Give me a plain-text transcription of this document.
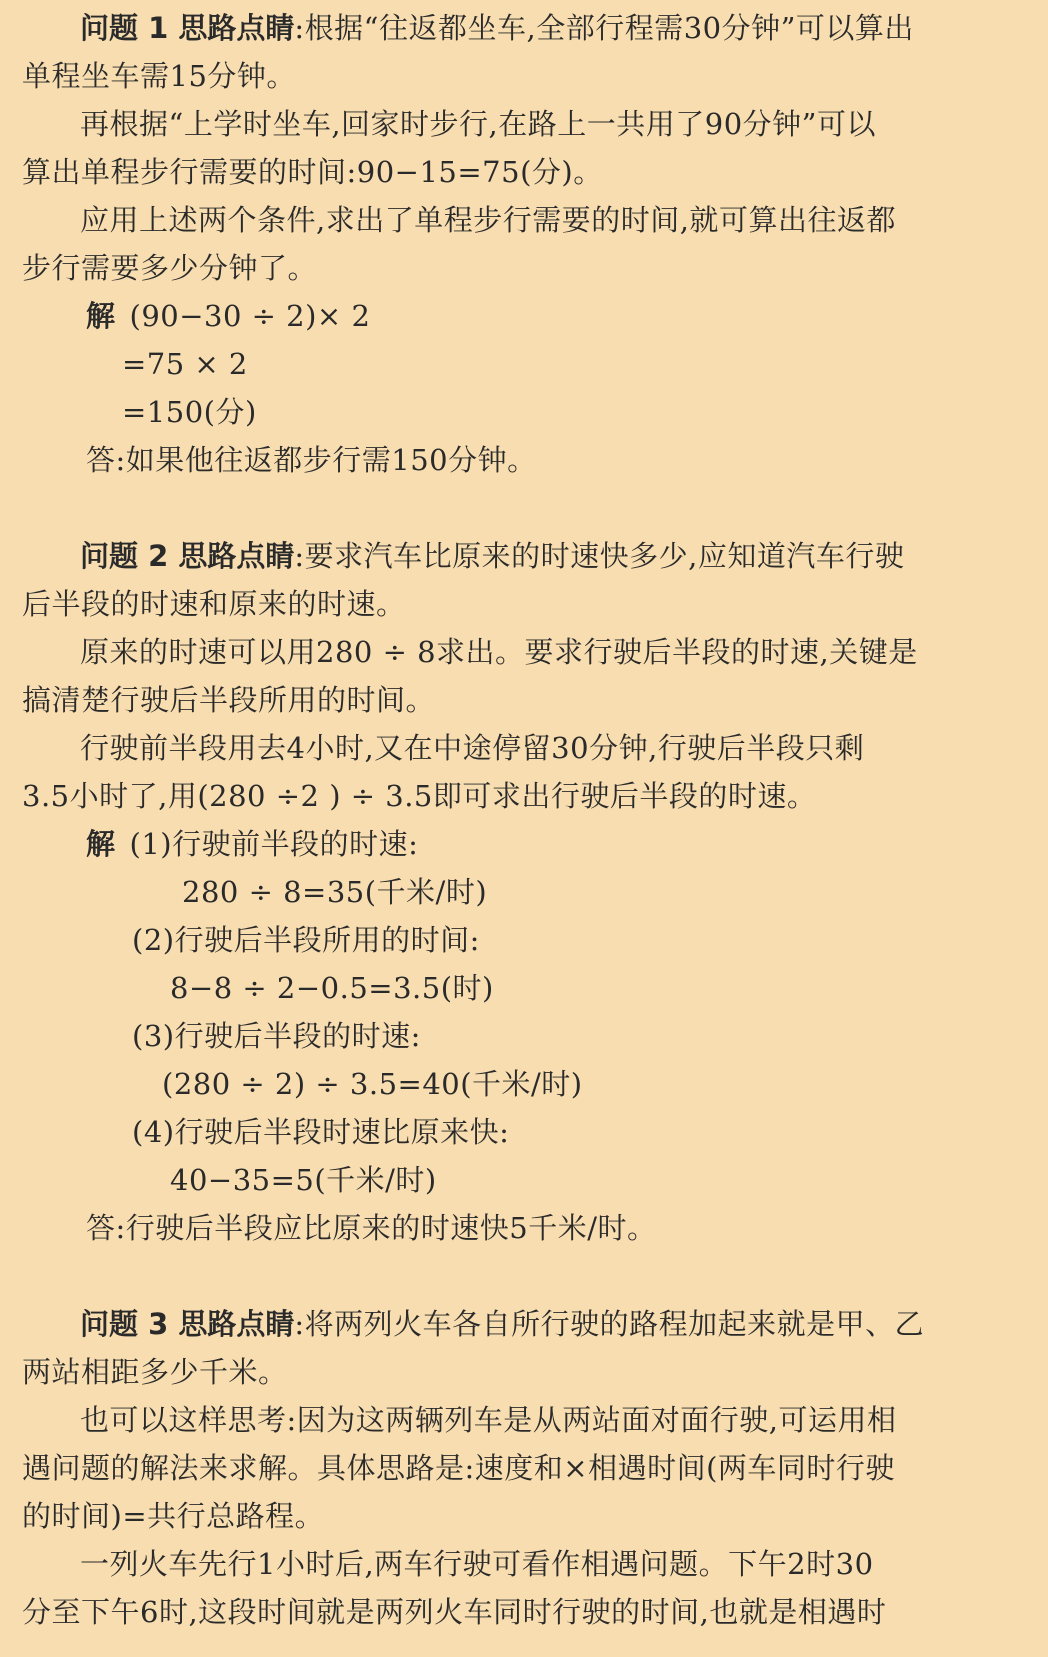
问题 1 思路点睛:根据“往返都坐车,全部行程需30分钟”可以算出
单程坐车需15分钟。
再根据“上学时坐车,回家时步行,在路上一共用了90分钟”可以
算出单程步行需要的时间:90−15=75(分)。
应用上述两个条件,求出了单程步行需要的时间,就可算出往返都
步行需要多少分钟了。
解 (90−30 ÷ 2)× 2
=75 × 2
=150(分)
答:如果他往返都步行需150分钟。
问题 2 思路点睛:要求汽车比原来的时速快多少,应知道汽车行驶
后半段的时速和原来的时速。
原来的时速可以用280 ÷ 8求出。要求行驶后半段的时速,关键是
搞清楚行驶后半段所用的时间。
行驶前半段用去4小时,又在中途停留30分钟,行驶后半段只剩
3.5小时了,用(280 ÷2 ) ÷ 3.5即可求出行驶后半段的时速。
解 (1)行驶前半段的时速:
280 ÷ 8=35(千米/时)
(2)行驶后半段所用的时间:
8−8 ÷ 2−0.5=3.5(时)
(3)行驶后半段的时速:
(280 ÷ 2) ÷ 3.5=40(千米/时)
(4)行驶后半段时速比原来快:
40−35=5(千米/时)
答:行驶后半段应比原来的时速快5千米/时。
问题 3 思路点睛:将两列火车各自所行驶的路程加起来就是甲、乙
两站相距多少千米。
也可以这样思考:因为这两辆列车是从两站面对面行驶,可运用相
遇问题的解法来求解。具体思路是:速度和×相遇时间(两车同时行驶
的时间)=共行总路程。
一列火车先行1小时后,两车行驶可看作相遇问题。下午2时30
分至下午6时,这段时间就是两列火车同时行驶的时间,也就是相遇时
